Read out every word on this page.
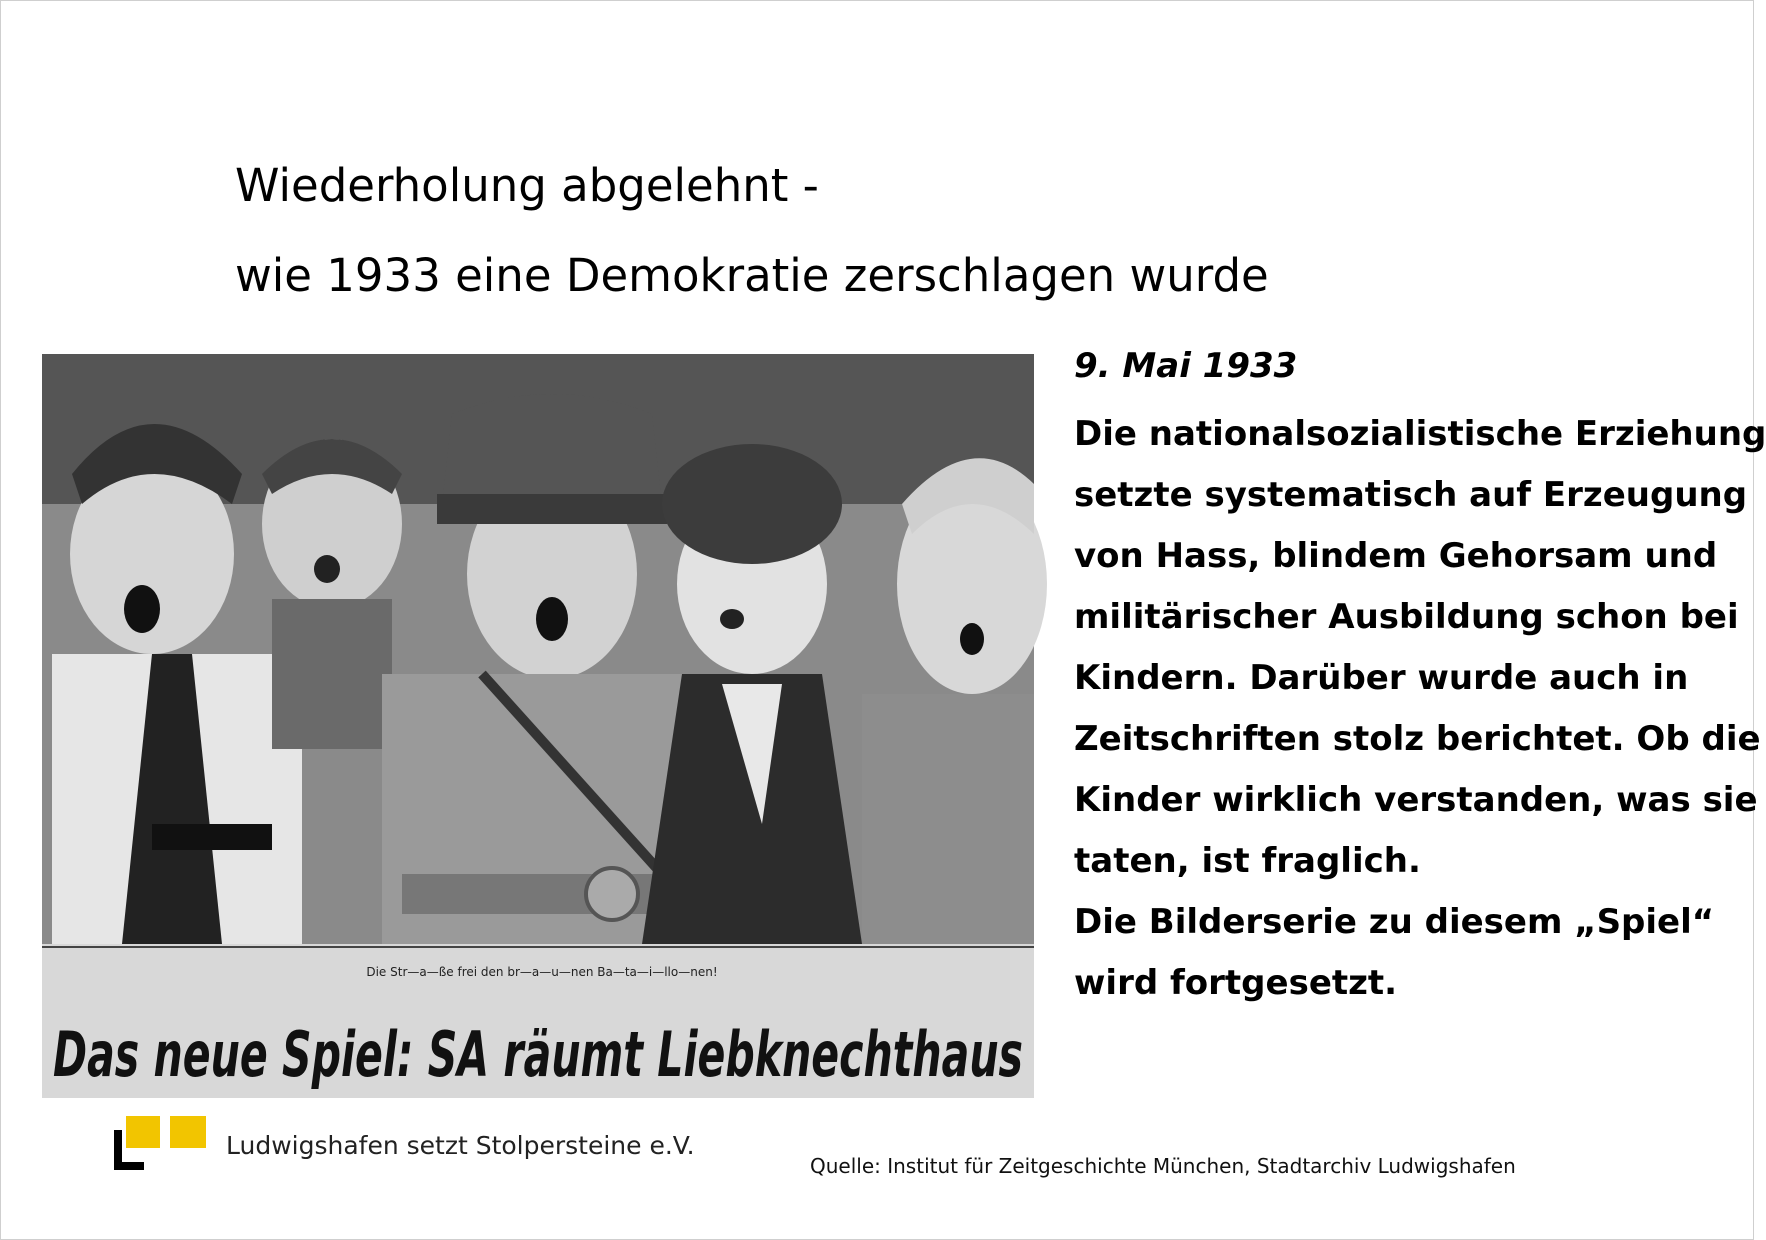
Wiederholung abgelehnt -
wie 1933 eine Demokratie zerschlagen wurde
Die Str—a—ße frei den br—a—u—nen Ba—ta—i—llo—nen!
Das neue Spiel: SA räumt Liebknechthaus
9. Mai 1933

Die nationalsozialistische Erziehung

setzte systematisch auf Erzeugung

von Hass, blindem Gehorsam und

militärischer Ausbildung schon bei

Kindern. Darüber wurde auch in

Zeitschriften stolz berichtet. Ob die

Kinder wirklich verstanden, was sie

taten, ist fraglich.

Die Bilderserie zu diesem „Spiel“

wird fortgesetzt.

Ludwigshafen setzt Stolpersteine e.V.
Quelle: Institut für Zeitgeschichte München, Stadtarchiv Ludwigshafen
